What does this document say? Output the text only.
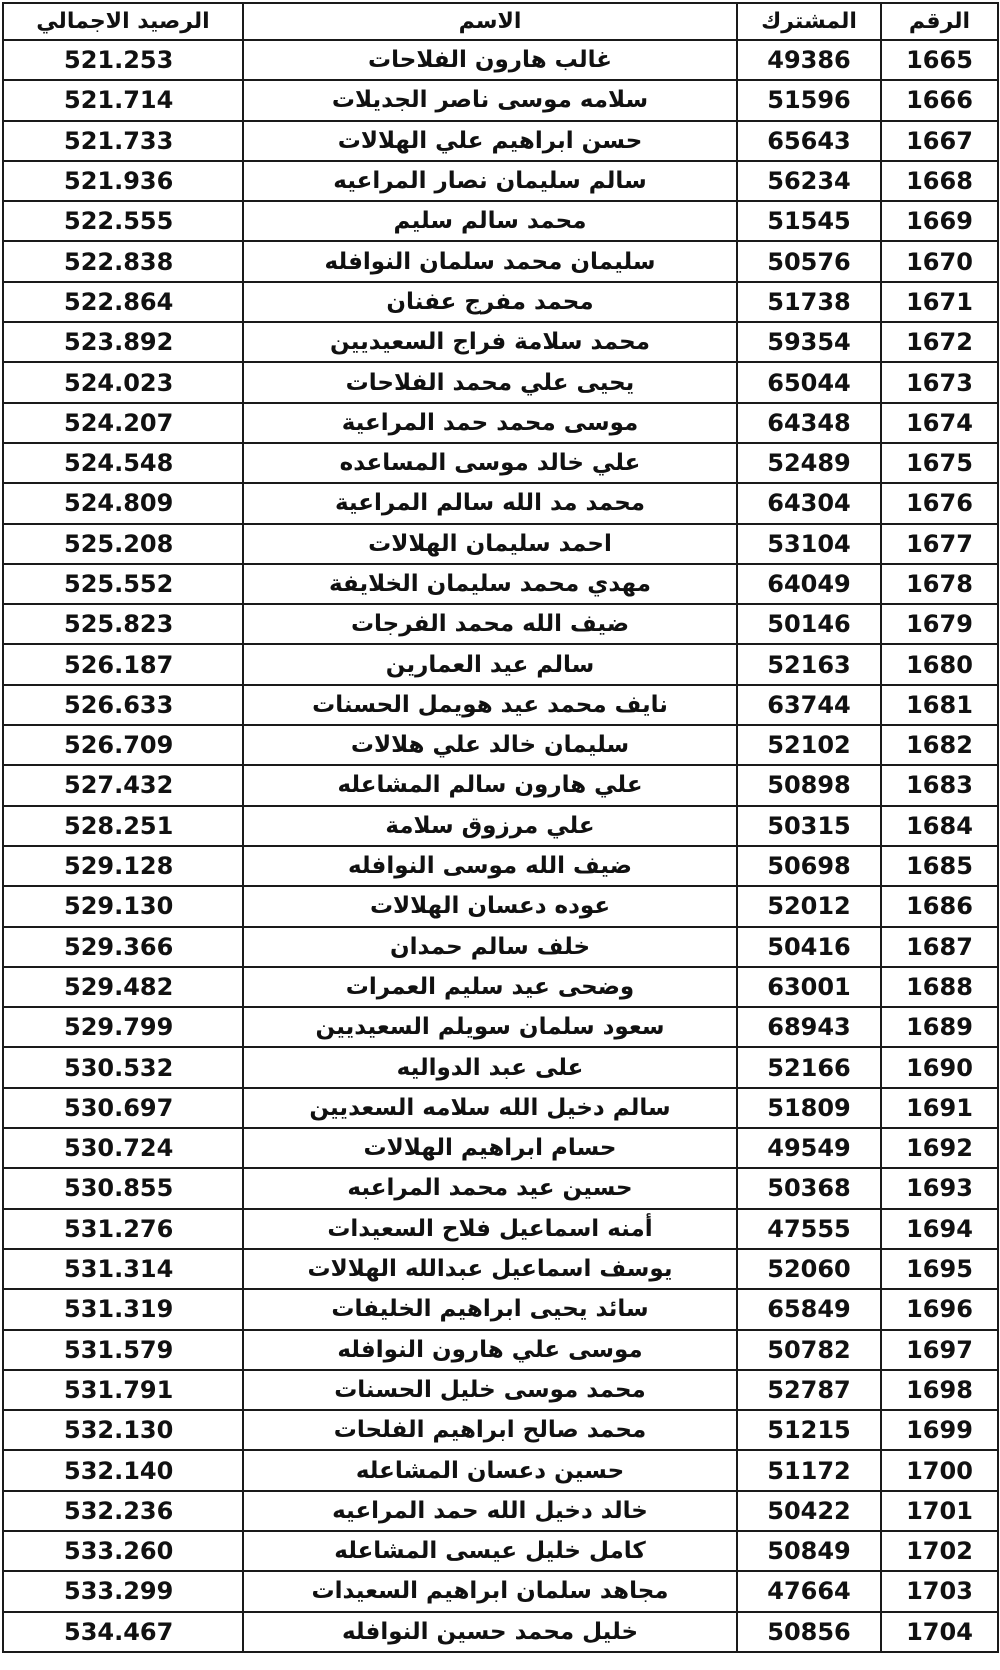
الرصيد الاجمالي	الاسم	المشترك	الرقم
521.253	غالب هارون الفلاحات	49386	1665
521.714	سلامه موسى ناصر الجديلات	51596	1666
521.733	حسن ابراهيم علي الهلالات	65643	1667
521.936	سالم سليمان نصار المراعيه	56234	1668
522.555	محمد سالم سليم	51545	1669
522.838	سليمان محمد سلمان النوافله	50576	1670
522.864	محمد مفرج عفنان	51738	1671
523.892	محمد سلامة فراج السعيديين	59354	1672
524.023	يحيى علي محمد الفلاحات	65044	1673
524.207	موسى محمد حمد المراعية	64348	1674
524.548	علي خالد موسى المساعده	52489	1675
524.809	محمد مد الله سالم المراعية	64304	1676
525.208	احمد سليمان الهلالات	53104	1677
525.552	مهدي محمد سليمان الخلايفة	64049	1678
525.823	ضيف الله محمد الفرجات	50146	1679
526.187	سالم عيد العمارين	52163	1680
526.633	نايف محمد عيد هويمل الحسنات	63744	1681
526.709	سليمان خالد علي هلالات	52102	1682
527.432	علي هارون سالم المشاعله	50898	1683
528.251	علي مرزوق سلامة	50315	1684
529.128	ضيف الله موسى النوافله	50698	1685
529.130	عوده دعسان الهلالات	52012	1686
529.366	خلف سالم حمدان	50416	1687
529.482	وضحى عيد سليم العمرات	63001	1688
529.799	سعود سلمان سويلم السعيديين	68943	1689
530.532	على عبد الدواليه	52166	1690
530.697	سالم دخيل الله سلامه السعديين	51809	1691
530.724	حسام ابراهيم الهلالات	49549	1692
530.855	حسين عيد محمد المراعبه	50368	1693
531.276	أمنه اسماعيل فلاح السعيدات	47555	1694
531.314	يوسف اسماعيل عبدالله الهلالات	52060	1695
531.319	سائد يحيى ابراهيم الخليفات	65849	1696
531.579	موسى علي هارون النوافله	50782	1697
531.791	محمد موسى خليل الحسنات	52787	1698
532.130	محمد صالح ابراهيم الفلحات	51215	1699
532.140	حسين دعسان المشاعله	51172	1700
532.236	خالد دخيل الله حمد المراعيه	50422	1701
533.260	كامل خليل عيسى المشاعله	50849	1702
533.299	مجاهد سلمان ابراهيم السعيدات	47664	1703
534.467	خليل محمد حسين النوافله	50856	1704
